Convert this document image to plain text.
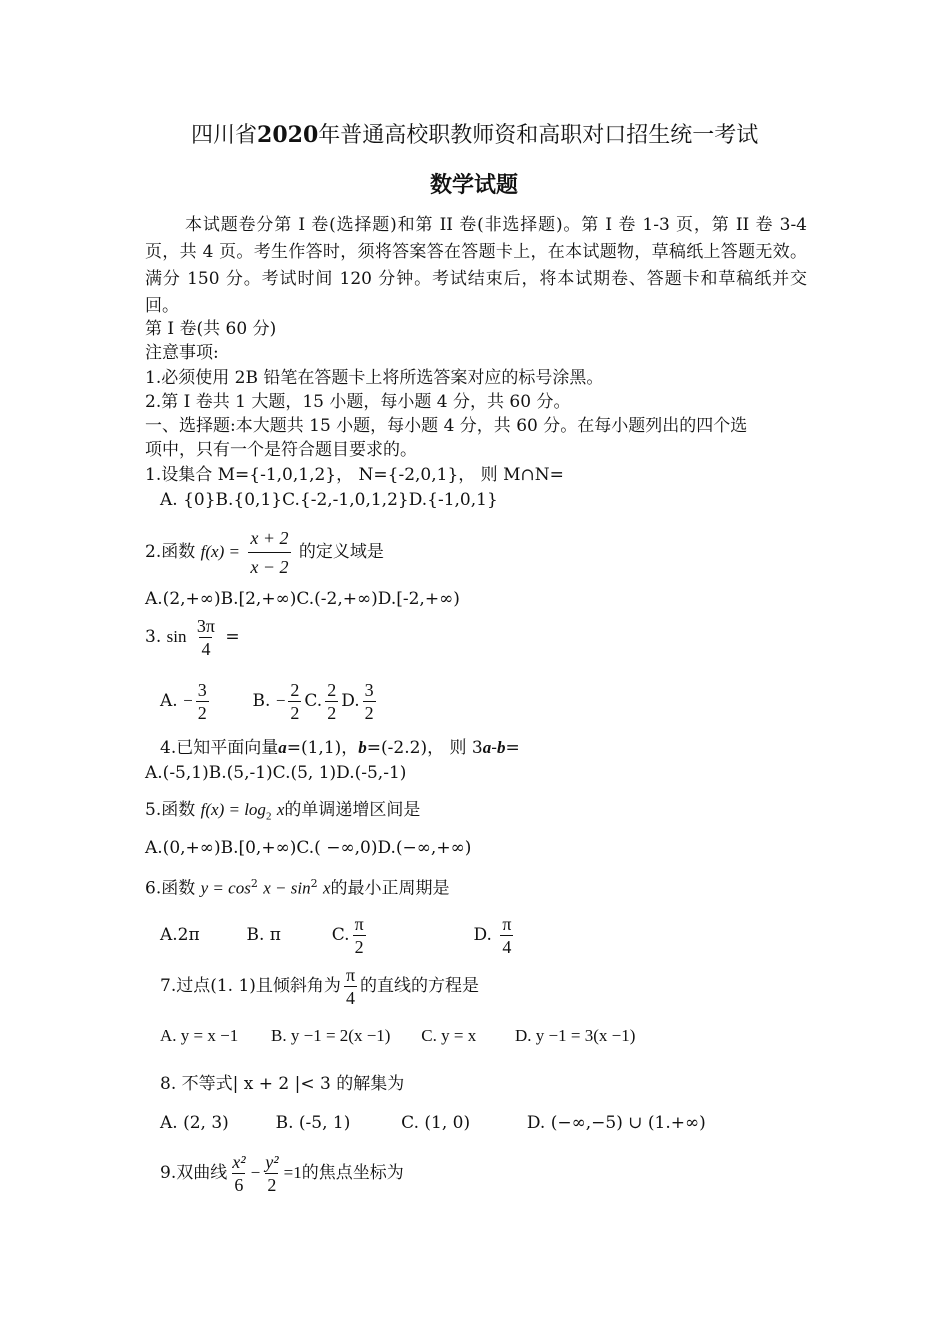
四川省2020年普通高校职教师资和高职对口招生统一考试
数学试题
本试题卷分第 I 卷(选择题)和第 II 卷(非选择题)。第 I 卷 1-3 页，第 II 卷 3-4 页，共 4 页。考生作答时，须将答案答在答题卡上，在本试题物，草稿纸上答题无效。满分 150 分。考试时间 120 分钟。考试结束后，将本试期卷、答题卡和草稿纸并交回。
第 I 卷(共 60 分)
注意事项:
1.必须使用 2B 铅笔在答题卡上将所选答案对应的标号涂黑。
2.第 I 卷共 1 大题，15 小题，每小题 4 分，共 60 分。
一、选择题:本大题共 15 小题，每小题 4 分，共 60 分。在每小题列出的四个选
项中，只有一个是符合题目要求的。
1.设集合 M={-1,0,1,2}， N={-2,0,1}， 则 M∩N=
A. {0}B.{0,1}C.{-2,-1,0,1,2}D.{-1,0,1}
2.函数 $f(x) = \frac{x + 2}{x - 2}$ 的定义域是
A.(2,+∞)B.[2,+∞)C.(-2,+∞)D.[-2,+∞)
3. $\sin \frac{3\pi}{4}$ =
A. − $\frac{3}{2}$	B. − $\frac{2}{2} C$. $\frac{2}{2} D$. $\frac{3}{2}$
4.已知平面向量a=(1,1)，b=(-2.2)， 则 3a-b=
A.(-5,1)B.(5,-1)C.(5, 1)D.(-5,-1)
5.函数 $f(x) = \log_2 x$的单调递增区间是
A.(0,+∞)B.[0,+∞)C.( −∞,0)D.(−∞,+∞)
6.函数 $y = \cos^2 x - \sin^2 x$的最小正周期是
A.2π	B. π	C. $\frac{\pi}{2}$	D. $\frac{\pi}{4}$
7.过点(1. 1)且倾斜角为 $\frac{\pi}{4}$ 的直线的方程是
A. y = x −1 B. y −1 = 2(x −1) C. y = x D. y −1 = 3(x −1)
8. 不等式| x + 2 |< 3 的解集为
A. (2, 3)	B. (-5, 1)	C. (1, 0)	D. (−∞,−5) ∪ (1.+∞)
9.双曲线 $\frac{\text{x²}}{6} - \frac{\text{y²}}{2} =1$的焦点坐标为
